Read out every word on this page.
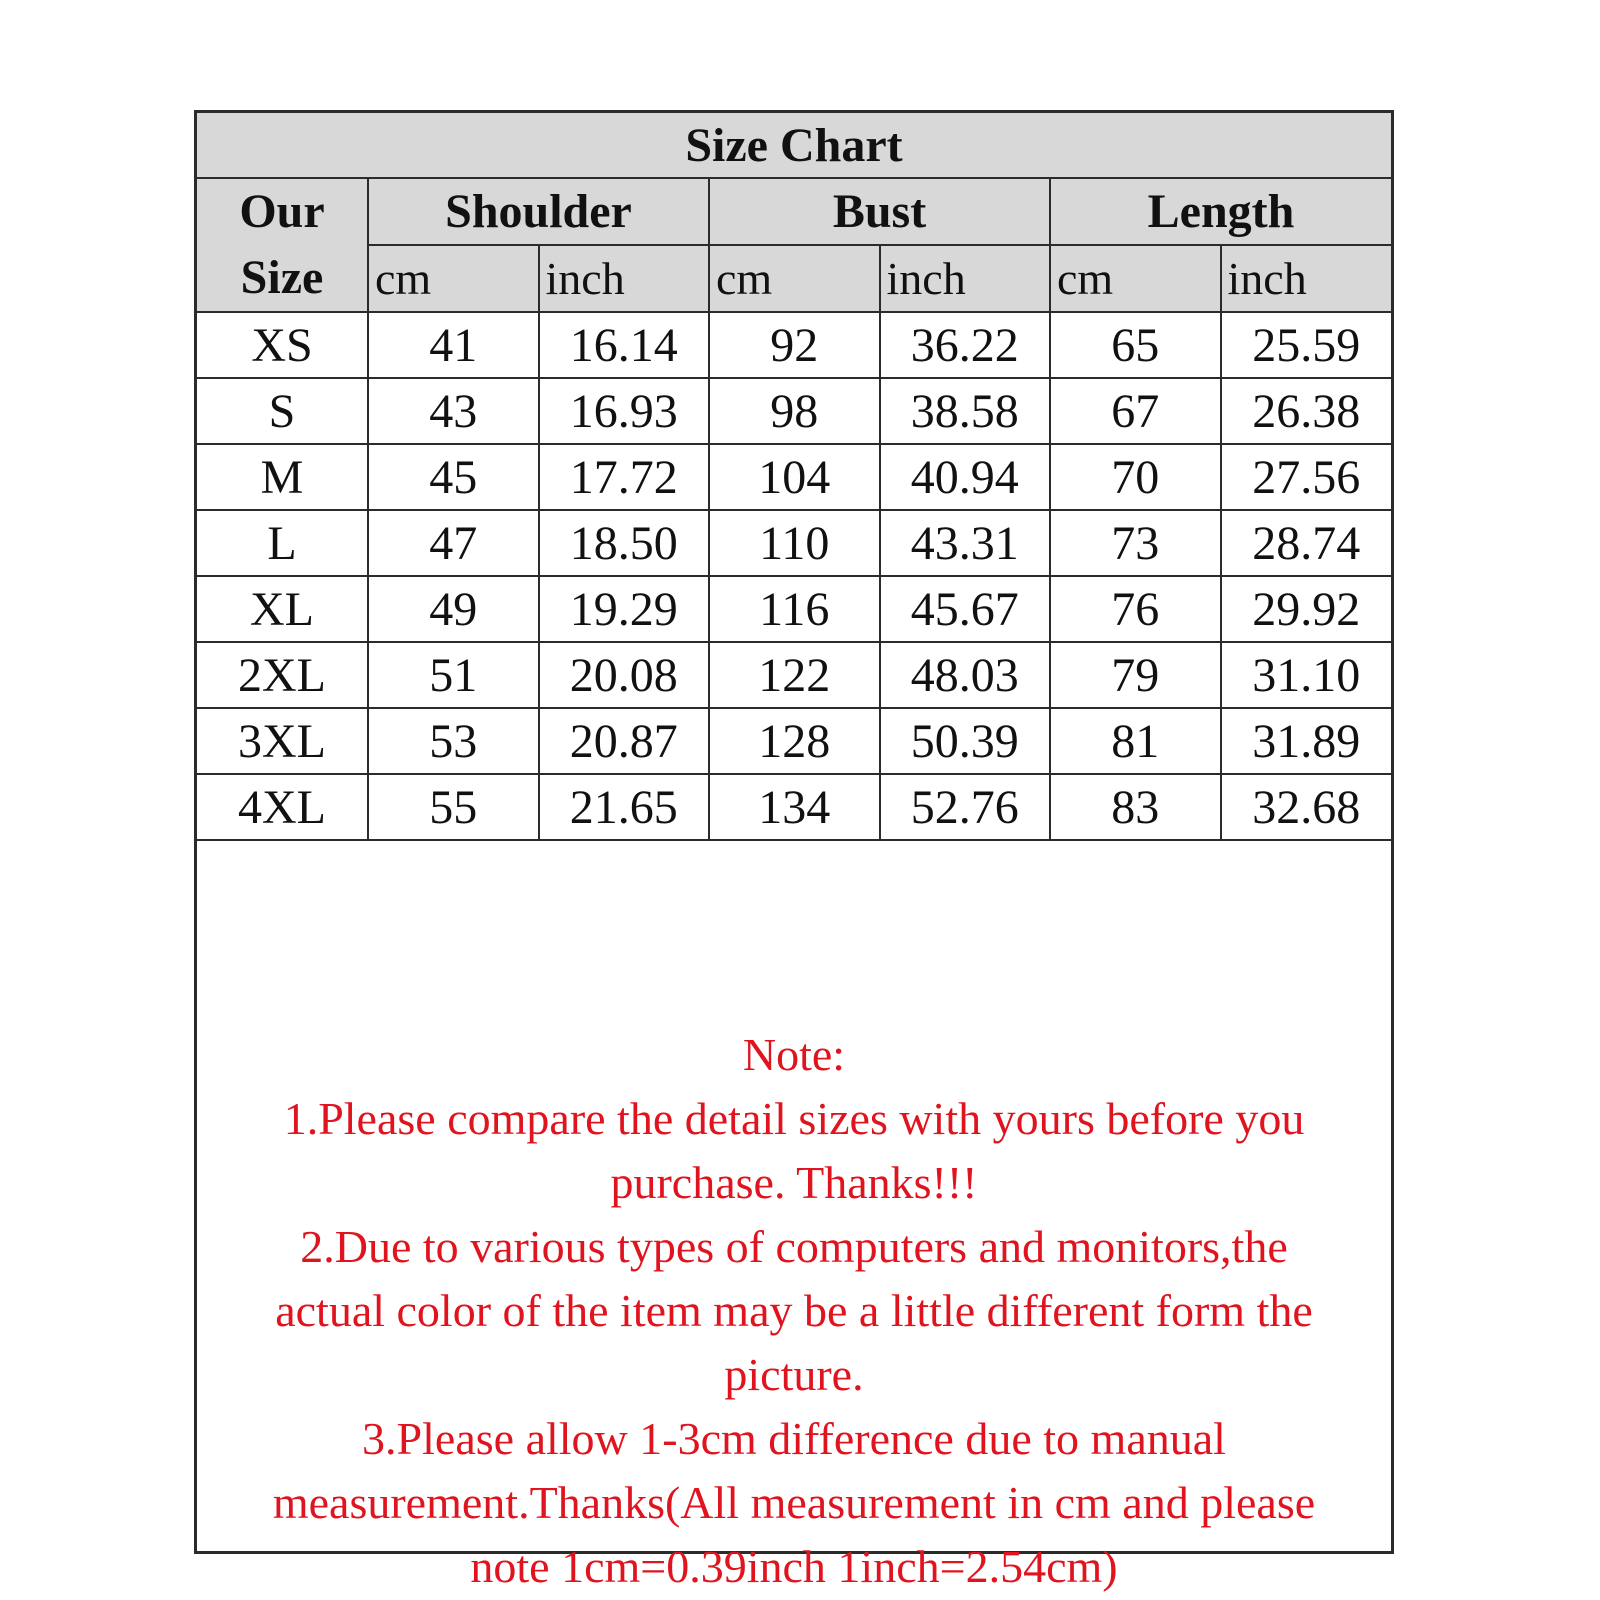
Size Chart						

Our
Size	Shoulder		Bust		Length	
	cm	inch	cm	inch	cm	inch
XS	41	16.14	92	36.22	65	25.59
S	43	16.93	98	38.58	67	26.38
M	45	17.72	104	40.94	70	27.56
L	47	18.50	110	43.31	73	28.74
XL	49	19.29	116	45.67	76	29.92
2XL	51	20.08	122	48.03	79	31.10
3XL	53	20.87	128	50.39	81	31.89
4XL	55	21.65	134	52.76	83	32.68
Note:
1.Please compare the detail sizes with yours before you
purchase. Thanks!!!
2.Due to various types of computers and monitors,the
actual color of the item may be a little different form the
picture.
3.Please allow 1-3cm difference due to manual
measurement.Thanks(All measurement in cm and please
note 1cm=0.39inch 1inch=2.54cm)
